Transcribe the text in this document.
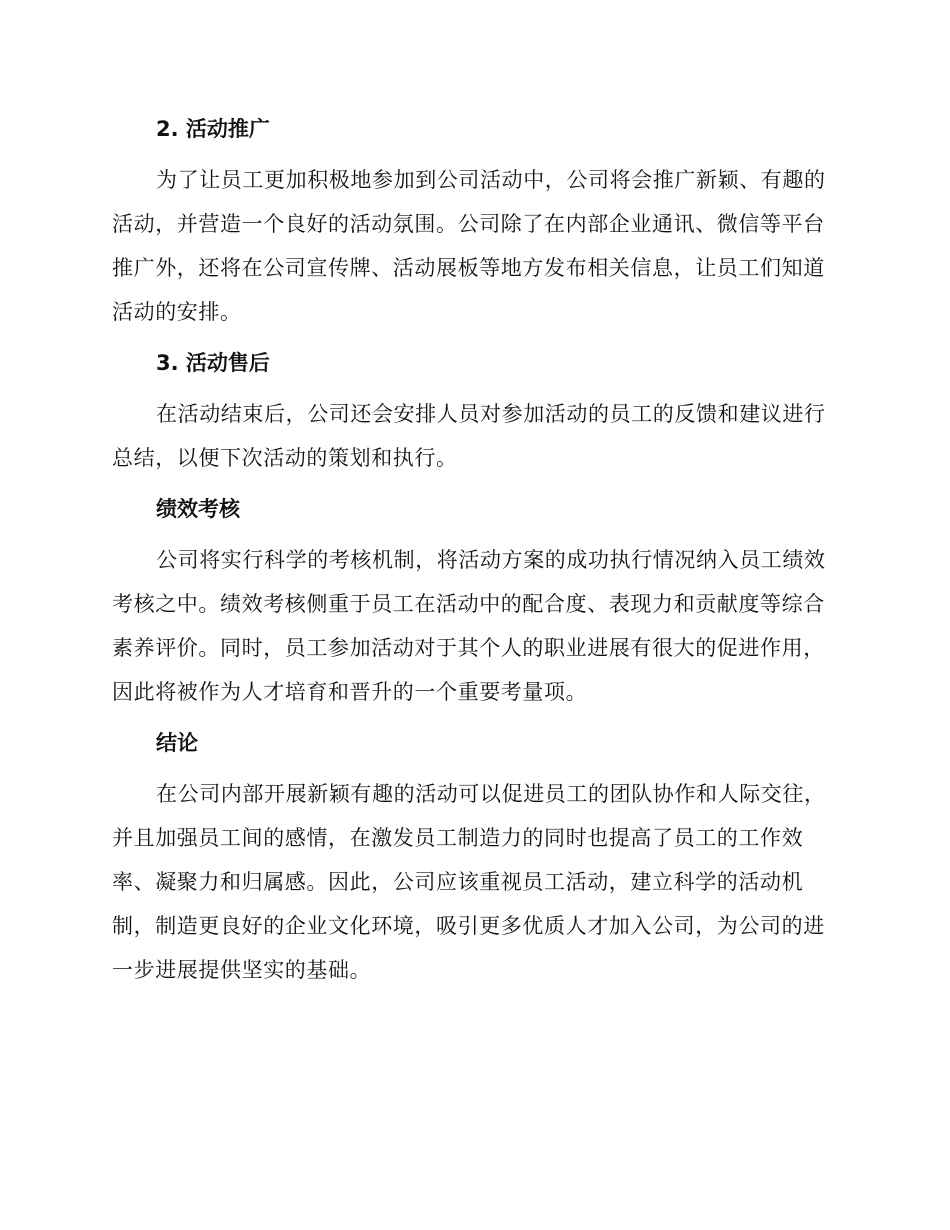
2. 活动推广
为了让员工更加积极地参加到公司活动中，公司将会推广新颖、有趣的活动，并营造一个良好的活动氛围。公司除了在内部企业通讯、微信等平台推广外，还将在公司宣传牌、活动展板等地方发布相关信息，让员工们知道活动的安排。
3. 活动售后
在活动结束后，公司还会安排人员对参加活动的员工的反馈和建议进行总结，以便下次活动的策划和执行。
绩效考核
公司将实行科学的考核机制，将活动方案的成功执行情况纳入员工绩效考核之中。绩效考核侧重于员工在活动中的配合度、表现力和贡献度等综合素养评价。同时，员工参加活动对于其个人的职业进展有很大的促进作用，因此将被作为人才培育和晋升的一个重要考量项。
结论
在公司内部开展新颖有趣的活动可以促进员工的团队协作和人际交往，并且加强员工间的感情，在激发员工制造力的同时也提高了员工的工作效率、凝聚力和归属感。因此，公司应该重视员工活动，建立科学的活动机制，制造更良好的企业文化环境，吸引更多优质人才加入公司，为公司的进一步进展提供坚实的基础。
